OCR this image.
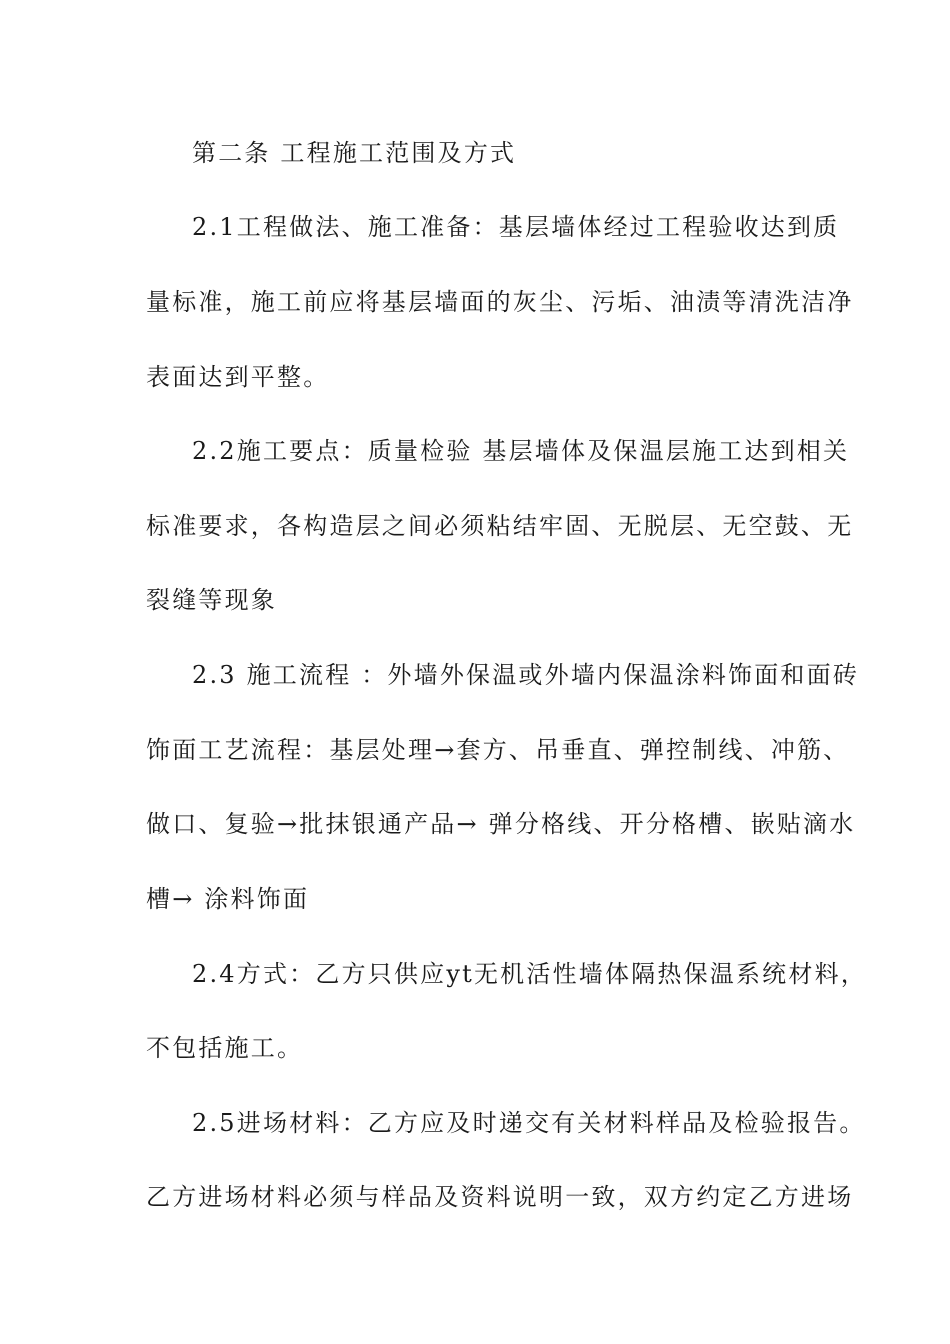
第二条 工程施工范围及方式
2.1工程做法、施工准备：基层墙体经过工程验收达到质
量标准，施工前应将基层墙面的灰尘、污垢、油渍等清洗洁净
表面达到平整。
2.2施工要点：质量检验 基层墙体及保温层施工达到相关
标准要求，各构造层之间必须粘结牢固、无脱层、无空鼓、无
裂缝等现象
2.3 施工流程 ：外墙外保温或外墙内保温涂料饰面和面砖
饰面工艺流程：基层处理→套方、吊垂直、弹控制线、冲筋、
做口、复验→批抹银通产品→ 弹分格线、开分格槽、嵌贴滴水
槽→ 涂料饰面
2.4方式：乙方只供应yt无机活性墙体隔热保温系统材料，
不包括施工。
2.5进场材料：乙方应及时递交有关材料样品及检验报告。
乙方进场材料必须与样品及资料说明一致，双方约定乙方进场
